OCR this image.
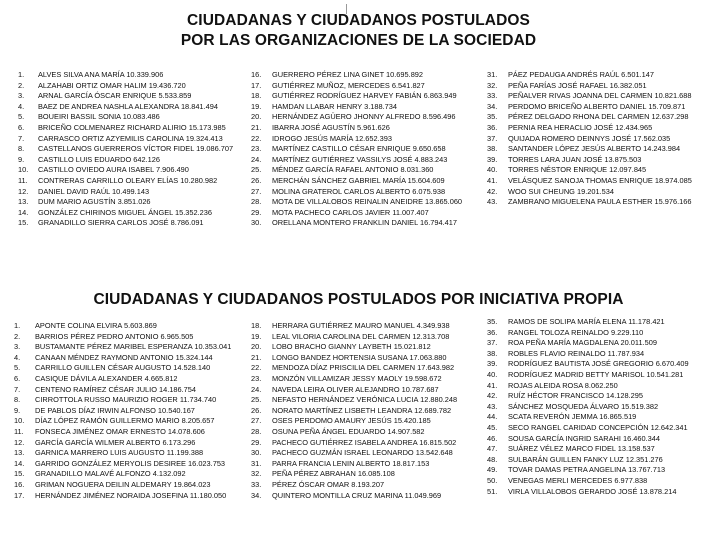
CIUDADANAS Y CIUDADANOS POSTULADOS
POR LAS ORGANIZACIONES DE LA SOCIEDAD
1. ALVES SILVA ANA MARÍA 10.339.906
2. ALZAHABI ORTIZ OMAR HALIM 19.436.720
3. ARNAL GARCÍA ÓSCAR ENRIQUE 5.533.859
4. BAEZ DE ANDREA NASHLA ALEXANDRA 18.841.494
5. BOUEIRI BASSIL SONIA 10.083.486
6. BRICEÑO COLMENAREZ RICHARD ALIRIO 15.173.985
7. CARRASCO ORTIZ AZYEMILIS CAROLINA 19.324.413
8. CASTELLANOS GUERREROS VÍCTOR FIDEL 19.086.707
9. CASTILLO LUIS EDUARDO 642.126
10. CASTILLO OVIEDO AURA ISABEL 7.906.490
11. CONTRERAS CARRILLO OLEARY ELÍAS 10.280.982
12. DANIEL DAVID RAÚL 10.499.143
13. DUM MARIO AGUSTÍN 3.851.026
14. GONZÁLEZ CHIRINOS MIGUEL ÁNGEL 15.352.236
15. GRANADILLO SIERRA CARLOS JOSÉ 8.786.091
16. GUERRERO PÉREZ LINA GINET 10.695.892
17. GUTIÉRREZ MUÑOZ, MERCEDES 6.541.827
18. GUTIÉRREZ RODRÍGUEZ HARVEY FABIÁN 6.863.949
19. HAMDAN LLABAR HENRY 3.188.734
20. HERNÁNDEZ AGÜERO JHONNY ALFREDO 8.596.496
21. IBARRA JOSÉ AGUSTÍN 5.961.626
22. IDROGO JESÚS MARÍA 12.652.393
23. MARTÍNEZ CASTILLO CÉSAR ENRIQUE 9.650.658
24. MARTÍNEZ GUTIÉRREZ VASSILYS JOSÉ 4.883.243
25. MÉNDEZ GARCÍA RAFAEL ANTONIO 8.031.360
26. MERCHÁN SÁNCHEZ GABRIEL MARÍA 15.604.609
27. MOLINA GRATEROL CARLOS ALBERTO 6.075.938
28. MOTA DE VILLALOBOS REINALIN ANEIDRE 13.865.060
29. MOTA PACHECO CARLOS JAVIER 11.007.407
30. ORELLANA MONTERO FRANKLIN DANIEL 16.794.417
31. PÁEZ PEDAUGA ANDRÉS RAÚL 6.501.147
32. PEÑA FARÍAS JOSÉ RAFAEL 16.382.051
33. PEÑALVER RIVAS JOANNA DEL CARMEN 10.821.688
34. PERDOMO BRICEÑO ALBERTO DANIEL 15.709.871
35. PÉREZ DELGADO RHONA DEL CARMEN 12.637.298
36. PERNIA REA HERACLIO JOSÉ 12.434.965
37. QUIJADA ROMERO DEINNYS JOSÉ 17.562.035
38. SANTANDER LÓPEZ JESÚS ALBERTO 14.243.984
39. TORRES LARA JUAN JOSÉ 13.875.503
40. TORRES NÉSTOR ENRIQUE 12.097.845
41. VELÁSQUEZ SANOJA THOMAS ENRIQUE 18.974.085
42. WOO SUI CHEUNG 19.201.534
43. ZAMBRANO MIGUELENA PAULA ESTHER 15.976.166
CIUDADANAS Y CIUDADANOS POSTULADOS POR INICIATIVA PROPIA
1. APONTE COLINA ELVIRA 5.603.869
2. BARRIOS PÉREZ PEDRO ANTONIO 6.965.505
3. BUSTAMANTE PÉREZ MARIBEL ESPERANZA 10.353.041
4. CANAAN MÉNDEZ RAYMOND ANTONIO 15.324.144
5. CARRILLO GUILLEN CÉSAR AUGUSTO 14.528.140
6. CASIQUE DÁVILA ALEXANDER 4.665.812
7. CENTENO RAMÍREZ CÉSAR JULIO 14.186.754
8. CIRROTTOLA RUSSO MAURIZIO ROGER 11.734.740
9. DE PABLOS DÍAZ IRWIN ALFONSO 10.540.167
10. DÍAZ LÓPEZ RAMÓN GUILLERMO MARIO 8.205.657
11. FONSECA JIMÉNEZ OMAR ERNESTO 14.078.606
12. GARCÍA GARCÍA WILMER ALBERTO 6.173.296
13. GARNICA MARRERO LUIS AUGUSTO 11.199.388
14. GARRIDO GONZÁLEZ MERYOLIS DESIREE 16.023.753
15. GRANADILLO MALAVÉ ALFONZO 4.132.092
16. GRIMAN NOGUERA DEILIN ALDEMARY 19.864.023
17. HERNÁNDEZ JIMÉNEZ NORAIDA JOSEFINA 11.180.050
18. HERRARA GUTIÉRREZ MAURO MANUEL 4.349.938
19. LEAL VILORIA CAROLINA DEL CARMEN 12.313.708
20. LOBO BRACHO GIANNY LAYBETH 15.021.812
21. LONGO BANDEZ HORTENSIA SUSANA 17.063.880
22. MENDOZA DÍAZ PRISCILIA DEL CARMEN 17.643.982
23. MONZÓN VILLAMIZAR JESSY MAOLY 19.598.672
24. NAVEDA LEIRA OLIVER ALEJANDRO 10.787.687
25. NEFASTO HERNÁNDEZ VERÓNICA LUCIA 12.880.248
26. NORATO MARTÍNEZ LISBETH LEANDRA 12.689.782
27. OSES PERDOMO AMAURY JESÚS 15.420.185
28. OSUNA PEÑA ÁNGEL EDUARDO 14.907.582
29. PACHECO GUTIÉRREZ ISABELA ANDREA 16.815.502
30. PACHECO GUZMÁN ISRAEL LEONARDO 13.542.648
31. PARRA FRANCIA LENIN ALBERTO 18.817.153
32. PEÑA PÉREZ ABRAHAN 16.085.108
33. PÉREZ ÓSCAR OMAR 8.193.207
34. QUINTERO MONTILLA CRUZ MARINA 11.049.969
35. RAMOS DE SOLIPA MARÍA ELENA 11.178.421
36. RANGEL TOLOZA REINALDO 9.229.110
37. ROA PEÑA MARÍA MAGDALENA 20.011.509
38. ROBLES FLAVIO REINALDO 11.787.934
39. RODRÍGUEZ BAUTISTA JOSÉ GREGORIO 6.670.409
40. RODRÍGUEZ MADRID BETTY MARISOL 10.541.281
41. ROJAS ALEIDA ROSA 8.062.250
42. RUÍZ HÉCTOR FRANCISCO 14.128.295
43. SÁNCHEZ MOSQUEDA ÁLVARO 15.519.382
44. SCATA REVERÓN JEMMA 16.865.519
45. SECO RANGEL CARIDAD CONCEPCIÓN 12.642.341
46. SOUSA GARCÍA INGRID SARAHI 16.460.344
47. SUÁREZ VÉLEZ MARCO FIDEL 13.158.537
48. SULBARÁN GUILLEN FANKY LUZ 12.351.276
49. TOVAR DAMAS PETRA ANGELINA 13.767.713
50. VENEGAS MERLI MERCEDES 6.977.838
51. VIRLA VILLALOBOS GERARDO JOSÉ 13.878.214
